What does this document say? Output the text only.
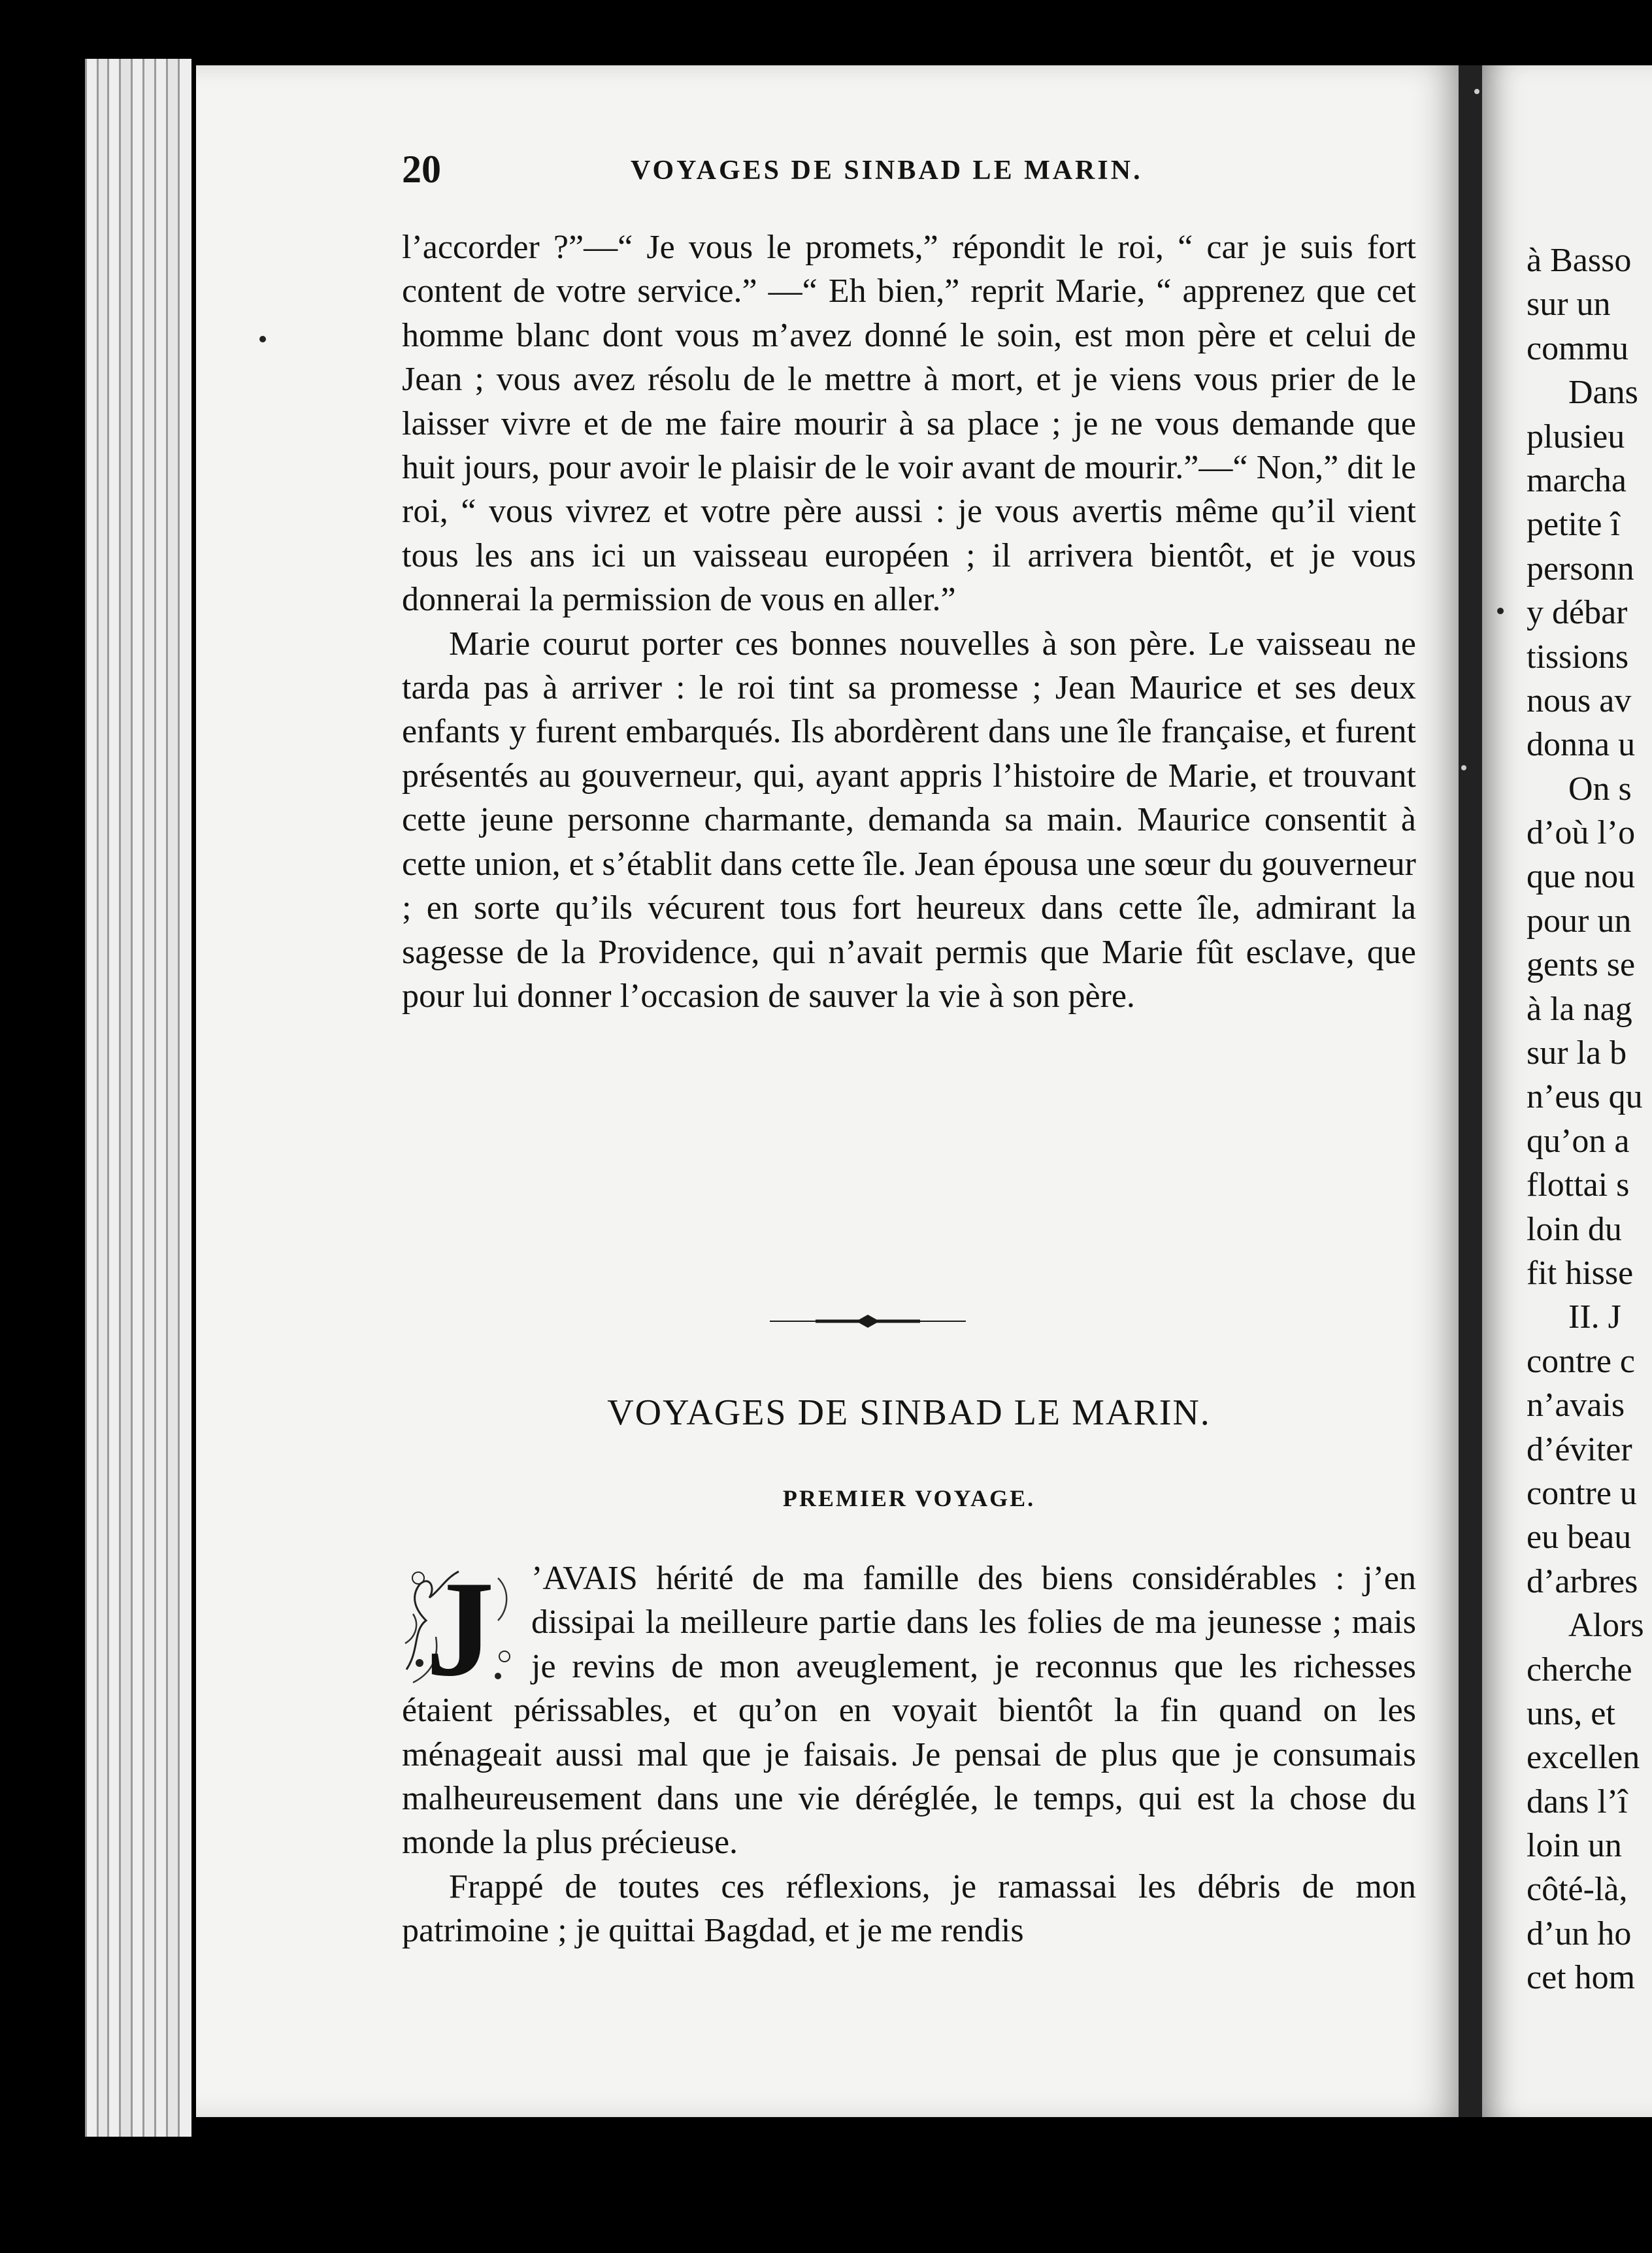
20	VOYAGES DE SINBAD LE MARIN.

l’accorder ?”—“ Je vous le promets,” répondit le roi, “ car je suis fort content de votre service.” —“ Eh bien,” reprit Marie, “ apprenez que cet homme blanc dont vous m’avez donné le soin, est mon père et celui de Jean ; vous avez résolu de le mettre à mort, et je viens vous prier de le laisser vivre et de me faire mourir à sa place ; je ne vous demande que huit jours, pour avoir le plaisir de le voir avant de mourir.”—“ Non,” dit le roi, “ vous vivrez et votre père aussi : je vous avertis même qu’il vient tous les ans ici un vaisseau européen ; il arrivera bientôt, et je vous donnerai la permission de vous en aller.”

Marie courut porter ces bonnes nouvelles à son père. Le vaisseau ne tarda pas à arriver : le roi tint sa promesse ; Jean Maurice et ses deux enfants y furent embarqués. Ils abordèrent dans une île française, et furent présentés au gouverneur, qui, ayant appris l’histoire de Marie, et trouvant cette jeune personne charmante, demanda sa main. Maurice consentit à cette union, et s’établit dans cette île. Jean épousa une sœur du gouverneur ; en sorte qu’ils vécurent tous fort heureux dans cette île, admirant la sagesse de la Providence, qui n’avait permis que Marie fût esclave, que pour lui donner l’occasion de sauver la vie à son père.

VOYAGES DE SINBAD LE MARIN.
PREMIER VOYAGE.
J	’AVAIS hérité de ma famille des biens considérables : j’en dissipai la meilleure partie dans les folies de ma jeunesse ; mais je revins de mon aveuglement, je reconnus que les richesses étaient périssables, et qu’on en voyait bientôt la fin quand on les ménageait aussi mal que je faisais. Je pensai de plus que je consumais malheureusement dans une vie déréglée, le temps, qui est la chose du monde la plus précieuse.

Frappé de toutes ces réflexions, je ramassai les débris de mon patrimoine ; je quittai Bagdad, et je me rendis

à Basso
sur un
commu
Dans
plusieu
marcha
petite î
personn
y débar
tissions
nous av
donna u
On s
d’où l’o
que nou
pour un
gents se
à la nag
sur la b
n’eus qu
qu’on a
flottai s
loin du
fit hisse
II. J
contre c
n’avais
d’éviter
contre u
eu beau
d’arbres
Alors
cherche
uns, et
excellen
dans l’î
loin un
côté-là,
d’un ho
cet hom
